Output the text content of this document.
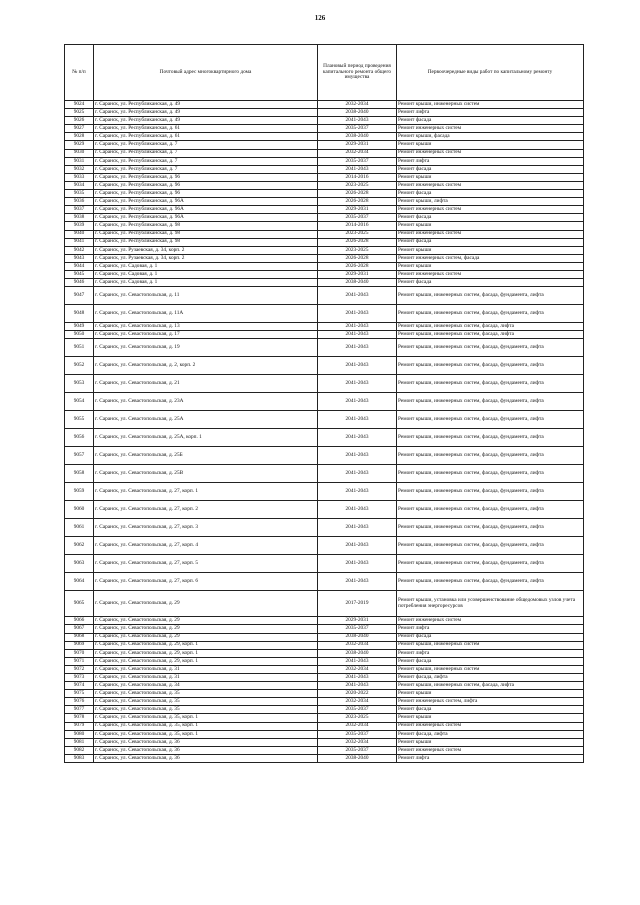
126
№ п/п	Почтовый адрес многоквартирного дома	Плановый период проведения капитального ремонта общего имущества	Первоочередные виды работ по капитальному ремонту
9024	г. Саранск, ул. Республиканская, д. 49	2032-2034	Ремонт крыши, инженерных систем
9025	г. Саранск, ул. Республиканская, д. 49	2038-2040	Ремонт лифта
9026	г. Саранск, ул. Республиканская, д. 49	2041-2043	Ремонт фасада
9027	г. Саранск, ул. Республиканская, д. 61	2035-2037	Ремонт инженерных систем
9028	г. Саранск, ул. Республиканская, д. 61	2038-2040	Ремонт крыши, фасада
9029	г. Саранск, ул. Республиканская, д. 7	2029-2031	Ремонт крыши
9030	г. Саранск, ул. Республиканская, д. 7	2032-2034	Ремонт инженерных систем
9031	г. Саранск, ул. Республиканская, д. 7	2035-2037	Ремонт лифта
9032	г. Саранск, ул. Республиканская, д. 7	2041-2043	Ремонт фасада
9033	г. Саранск, ул. Республиканская, д. 96	2014-2016	Ремонт крыши
9034	г. Саранск, ул. Республиканская, д. 96	2023-2025	Ремонт инженерных систем
9035	г. Саранск, ул. Республиканская, д. 96	2026-2028	Ремонт фасада
9036	г. Саранск, ул. Республиканская, д. 96А	2026-2028	Ремонт крыши, лифта
9037	г. Саранск, ул. Республиканская, д. 96А	2029-2031	Ремонт инженерных систем
9038	г. Саранск, ул. Республиканская, д. 96А	2035-2037	Ремонт фасада
9039	г. Саранск, ул. Республиканская, д. 98	2014-2016	Ремонт крыши
9040	г. Саранск, ул. Республиканская, д. 98	2023-2025	Ремонт инженерных систем
9041	г. Саранск, ул. Республиканская, д. 98	2026-2028	Ремонт фасада
9042	г. Саранск, ул. Рузаевская, д. 34, корп. 2	2023-2025	Ремонт крыши
9043	г. Саранск, ул. Рузаевская, д. 34, корп. 2	2026-2028	Ремонт инженерных систем, фасада
9044	г. Саранск, ул. Садовая, д. 1	2026-2028	Ремонт крыши
9045	г. Саранск, ул. Садовая, д. 1	2029-2031	Ремонт инженерных систем
9046	г. Саранск, ул. Садовая, д. 1	2038-2040	Ремонт фасада
9047	г. Саранск, ул. Севастопольская, д. 11	2041-2043	Ремонт крыши, инженерных систем, фасада, фундамента, лифта
9048	г. Саранск, ул. Севастопольская, д. 11А	2041-2043	Ремонт крыши, инженерных систем, фасада, фундамента, лифта
9049	г. Саранск, ул. Севастопольская, д. 13	2041-2043	Ремонт крыши, инженерных систем, фасада, лифта
9050	г. Саранск, ул. Севастопольская, д. 17	2041-2043	Ремонт крыши, инженерных систем, фасада, лифта
9051	г. Саранск, ул. Севастопольская, д. 19	2041-2043	Ремонт крыши, инженерных систем, фасада, фундамента, лифта
9052	г. Саранск, ул. Севастопольская, д. 2, корп. 2	2041-2043	Ремонт крыши, инженерных систем, фасада, фундамента, лифта
9053	г. Саранск, ул. Севастопольская, д. 21	2041-2043	Ремонт крыши, инженерных систем, фасада, фундамента, лифта
9054	г. Саранск, ул. Севастопольская, д. 23А	2041-2043	Ремонт крыши, инженерных систем, фасада, фундамента, лифта
9055	г. Саранск, ул. Севастопольская, д. 25А	2041-2043	Ремонт крыши, инженерных систем, фасада, фундамента, лифта
9056	г. Саранск, ул. Севастопольская, д. 25А, корп. 1	2041-2043	Ремонт крыши, инженерных систем, фасада, фундамента, лифта
9057	г. Саранск, ул. Севастопольская, д. 25Б	2041-2043	Ремонт крыши, инженерных систем, фасада, фундамента, лифта
9058	г. Саранск, ул. Севастопольская, д. 25В	2041-2043	Ремонт крыши, инженерных систем, фасада, фундамента, лифта
9059	г. Саранск, ул. Севастопольская, д. 27, корп. 1	2041-2043	Ремонт крыши, инженерных систем, фасада, фундамента, лифта
9060	г. Саранск, ул. Севастопольская, д. 27, корп. 2	2041-2043	Ремонт крыши, инженерных систем, фасада, фундамента, лифта
9061	г. Саранск, ул. Севастопольская, д. 27, корп. 3	2041-2043	Ремонт крыши, инженерных систем, фасада, фундамента, лифта
9062	г. Саранск, ул. Севастопольская, д. 27, корп. 4	2041-2043	Ремонт крыши, инженерных систем, фасада, фундамента, лифта
9063	г. Саранск, ул. Севастопольская, д. 27, корп. 5	2041-2043	Ремонт крыши, инженерных систем, фасада, фундамента, лифта
9064	г. Саранск, ул. Севастопольская, д. 27, корп. 6	2041-2043	Ремонт крыши, инженерных систем, фасада, фундамента, лифта
9065	г. Саранск, ул. Севастопольская, д. 29	2017-2019	Ремонт крыши, установка или усовершенствование общедомовых узлов учета потребления энергоресурсов
9066	г. Саранск, ул. Севастопольская, д. 29	2029-2031	Ремонт инженерных систем
9067	г. Саранск, ул. Севастопольская, д. 29	2035-2037	Ремонт лифта
9068	г. Саранск, ул. Севастопольская, д. 29	2038-2040	Ремонт фасада
9069	г. Саранск, ул. Севастопольская, д. 29, корп. 1	2032-2034	Ремонт крыши, инженерных систем
9070	г. Саранск, ул. Севастопольская, д. 29, корп. 1	2038-2040	Ремонт лифта
9071	г. Саранск, ул. Севастопольская, д. 29, корп. 1	2041-2043	Ремонт фасада
9072	г. Саранск, ул. Севастопольская, д. 31	2032-2034	Ремонт крыши, инженерных систем
9073	г. Саранск, ул. Севастопольская, д. 31	2041-2043	Ремонт фасада, лифта
9074	г. Саранск, ул. Севастопольская, д. 34	2041-2043	Ремонт крыши, инженерных систем, фасада, лифта
9075	г. Саранск, ул. Севастопольская, д. 35	2020-2022	Ремонт крыши
9076	г. Саранск, ул. Севастопольская, д. 35	2032-2034	Ремонт инженерных систем, лифта
9077	г. Саранск, ул. Севастопольская, д. 35	2035-2037	Ремонт фасада
9078	г. Саранск, ул. Севастопольская, д. 35, корп. 1	2023-2025	Ремонт крыши
9079	г. Саранск, ул. Севастопольская, д. 35, корп. 1	2032-2034	Ремонт инженерных систем
9080	г. Саранск, ул. Севастопольская, д. 35, корп. 1	2035-2037	Ремонт фасада, лифта
9081	г. Саранск, ул. Севастопольская, д. 36	2032-2034	Ремонт крыши
9082	г. Саранск, ул. Севастопольская, д. 36	2035-2037	Ремонт инженерных систем
9083	г. Саранск, ул. Севастопольская, д. 36	2038-2040	Ремонт лифта
